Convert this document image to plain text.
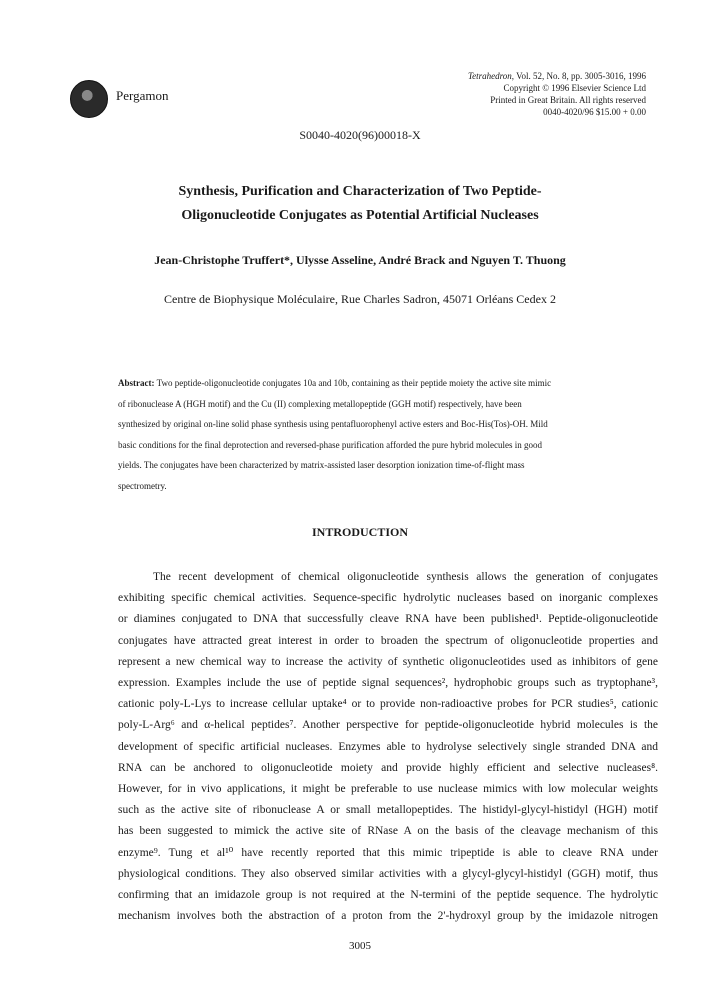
Pergamon
Tetrahedron, Vol. 52, No. 8, pp. 3005-3016, 1996
Copyright © 1996 Elsevier Science Ltd
Printed in Great Britain. All rights reserved
0040-4020/96 $15.00 + 0.00
S0040-4020(96)00018-X
Synthesis, Purification and Characterization of Two Peptide-
Oligonucleotide Conjugates as Potential Artificial Nucleases
Jean-Christophe Truffert*, Ulysse Asseline, André Brack and Nguyen T. Thuong
Centre de Biophysique Moléculaire, Rue Charles Sadron, 45071 Orléans Cedex 2
Abstract: Two peptide-oligonucleotide conjugates 10a and 10b, containing as their peptide moiety the active site mimic
of ribonuclease A (HGH motif) and the Cu (II) complexing metallopeptide (GGH motif) respectively, have been
synthesized by original on-line solid phase synthesis using pentafluorophenyl active esters and Boc-His(Tos)-OH. Mild
basic conditions for the final deprotection and reversed-phase purification afforded the pure hybrid molecules in good
yields. The conjugates have been characterized by matrix-assisted laser desorption ionization time-of-flight mass
spectrometry.
INTRODUCTION
The recent development of chemical oligonucleotide synthesis allows the generation of conjugates
exhibiting specific chemical activities. Sequence-specific hydrolytic nucleases based on inorganic complexes
or diamines conjugated to DNA that successfully cleave RNA have been published¹. Peptide-oligonucleotide
conjugates have attracted great interest in order to broaden the spectrum of oligonucleotide properties and
represent a new chemical way to increase the activity of synthetic oligonucleotides used as inhibitors of gene
expression. Examples include the use of peptide signal sequences², hydrophobic groups such as tryptophane³,
cationic poly-L-Lys to increase cellular uptake⁴ or to provide non-radioactive probes for PCR studies⁵, cationic
poly-L-Arg⁶ and α-helical peptides⁷. Another perspective for peptide-oligonucleotide hybrid molecules is the
development of specific artificial nucleases. Enzymes able to hydrolyse selectively single stranded DNA and
RNA can be anchored to oligonucleotide moiety and provide highly efficient and selective nucleases⁸.
However, for in vivo applications, it might be preferable to use nuclease mimics with low molecular weights
such as the active site of ribonuclease A or small metallopeptides. The histidyl-glycyl-histidyl (HGH) motif
has been suggested to mimick the active site of RNase A on the basis of the cleavage mechanism of this
enzyme⁹. Tung et al¹⁰ have recently reported that this mimic tripeptide is able to cleave RNA under
physiological conditions. They also observed similar activities with a glycyl-glycyl-histidyl (GGH) motif, thus
confirming that an imidazole group is not required at the N-termini of the peptide sequence. The hydrolytic
mechanism involves both the abstraction of a proton from the 2'-hydroxyl group by the imidazole nitrogen
3005
